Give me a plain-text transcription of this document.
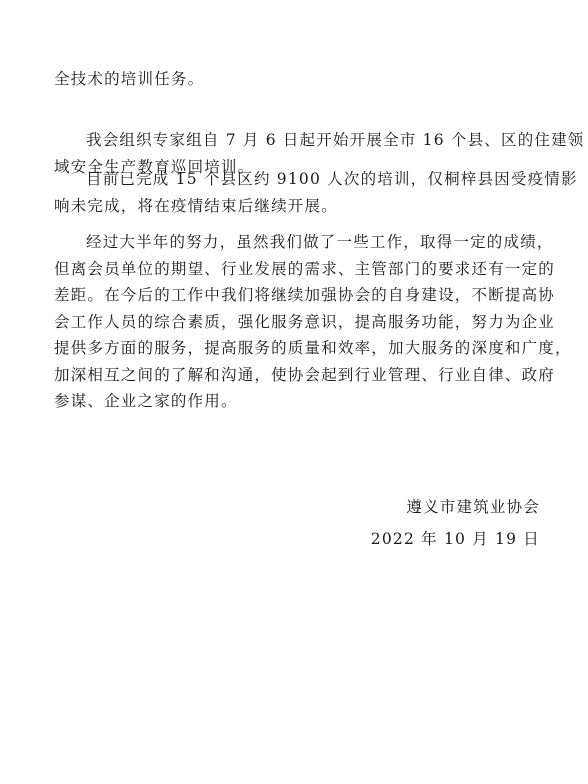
全技术的培训任务。

我会组织专家组自 7 月 6 日起开始开展全市 16 个县、区的住建领
域安全生产教育巡回培训。

目前已完成 15 个县区约 9100 人次的培训，仅桐梓县因受疫情影
响未完成，将在疫情结束后继续开展。

经过大半年的努力，虽然我们做了一些工作，取得一定的成绩，
但离会员单位的期望、行业发展的需求、主管部门的要求还有一定的
差距。在今后的工作中我们将继续加强协会的自身建设，不断提高协
会工作人员的综合素质，强化服务意识，提高服务功能，努力为企业
提供多方面的服务，提高服务的质量和效率，加大服务的深度和广度，
加深相互之间的了解和沟通，使协会起到行业管理、行业自律、政府
参谋、企业之家的作用。

遵义市建筑业协会
2022 年 10 月 19 日
